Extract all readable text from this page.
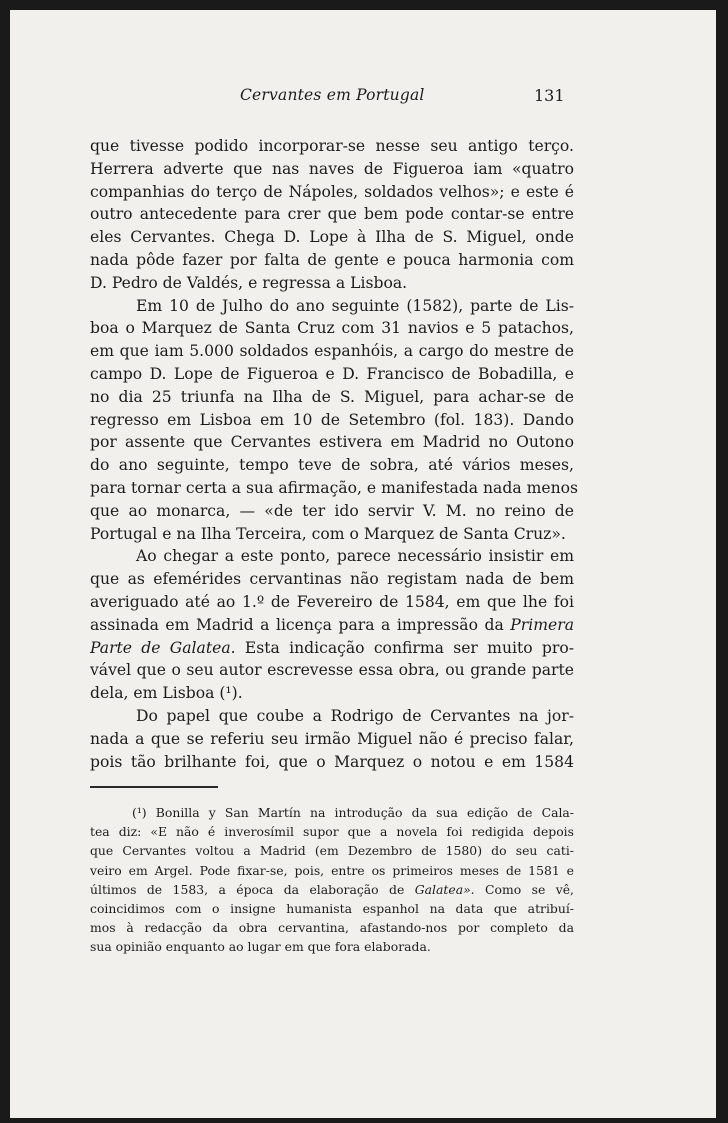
Cervantes em Portugal	131
que tivesse podido incorporar-se nesse seu antigo terço.
Herrera adverte que nas naves de Figueroa iam «quatro
companhias do terço de Nápoles, soldados velhos»; e este é
outro antecedente para crer que bem pode contar-se entre
eles Cervantes. Chega D. Lope à Ilha de S. Miguel, onde
nada pôde fazer por falta de gente e pouca harmonia com
D. Pedro de Valdés, e regressa a Lisboa.
Em 10 de Julho do ano seguinte (1582), parte de Lis-
boa o Marquez de Santa Cruz com 31 navios e 5 patachos,
em que iam 5.000 soldados espanhóis, a cargo do mestre de
campo D. Lope de Figueroa e D. Francisco de Bobadilla, e
no dia 25 triunfa na Ilha de S. Miguel, para achar-se de
regresso em Lisboa em 10 de Setembro (fol. 183). Dando
por assente que Cervantes estivera em Madrid no Outono
do ano seguinte, tempo teve de sobra, até vários meses,
para tornar certa a sua afirmação, e manifestada nada menos
que ao monarca, — «de ter ido servir V. M. no reino de
Portugal e na Ilha Terceira, com o Marquez de Santa Cruz».
Ao chegar a este ponto, parece necessário insistir em
que as efemérides cervantinas não registam nada de bem
averiguado até ao 1.º de Fevereiro de 1584, em que lhe foi
assinada em Madrid a licença para a impressão da Primera
Parte de Galatea. Esta indicação confirma ser muito pro-
vável que o seu autor escrevesse essa obra, ou grande parte
dela, em Lisboa (¹).
Do papel que coube a Rodrigo de Cervantes na jor-
nada a que se referiu seu irmão Miguel não é preciso falar,
pois tão brilhante foi, que o Marquez o notou e em 1584
(¹) Bonilla y San Martín na introdução da sua edição de Cala-
tea diz: «E não é inverosímil supor que a novela foi redigida depois
que Cervantes voltou a Madrid (em Dezembro de 1580) do seu cati-
veiro em Argel. Pode fixar-se, pois, entre os primeiros meses de 1581 e
últimos de 1583, a época da elaboração de Galatea». Como se vê,
coincidimos com o insigne humanista espanhol na data que atribuí-
mos à redacção da obra cervantina, afastando-nos por completo da
sua opinião enquanto ao lugar em que fora elaborada.
